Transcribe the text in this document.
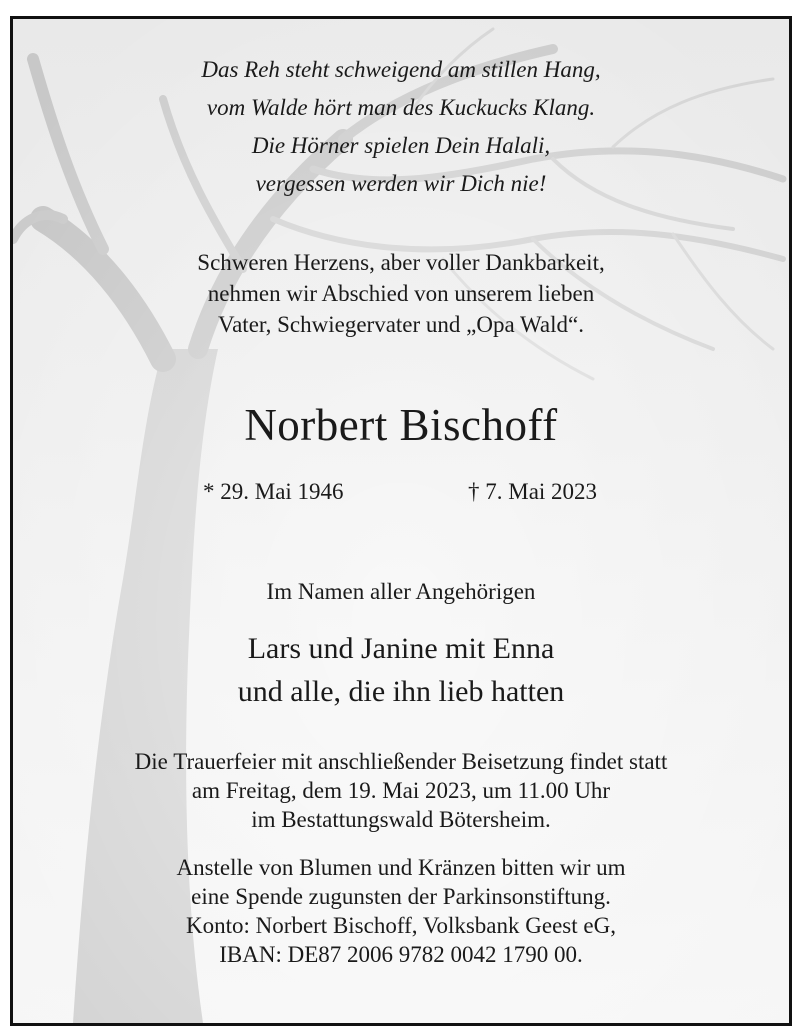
Das Reh steht schweigend am stillen Hang,
vom Walde hört man des Kuckucks Klang.
Die Hörner spielen Dein Halali,
vergessen werden wir Dich nie!
Schweren Herzens, aber voller Dankbarkeit,
nehmen wir Abschied von unserem lieben
Vater, Schwiegervater und „Opa Wald“.
Norbert Bischoff
* 29. Mai 1946	† 7. Mai 2023
Im Namen aller Angehörigen
Lars und Janine mit Enna
und alle, die ihn lieb hatten
Die Trauerfeier mit anschließender Beisetzung findet statt
am Freitag, dem 19. Mai 2023, um 11.00 Uhr
im Bestattungswald Bötersheim.
Anstelle von Blumen und Kränzen bitten wir um
eine Spende zugunsten der Parkinsonstiftung.
Konto: Norbert Bischoff, Volksbank Geest eG,
IBAN: DE87 2006 9782 0042 1790 00.
